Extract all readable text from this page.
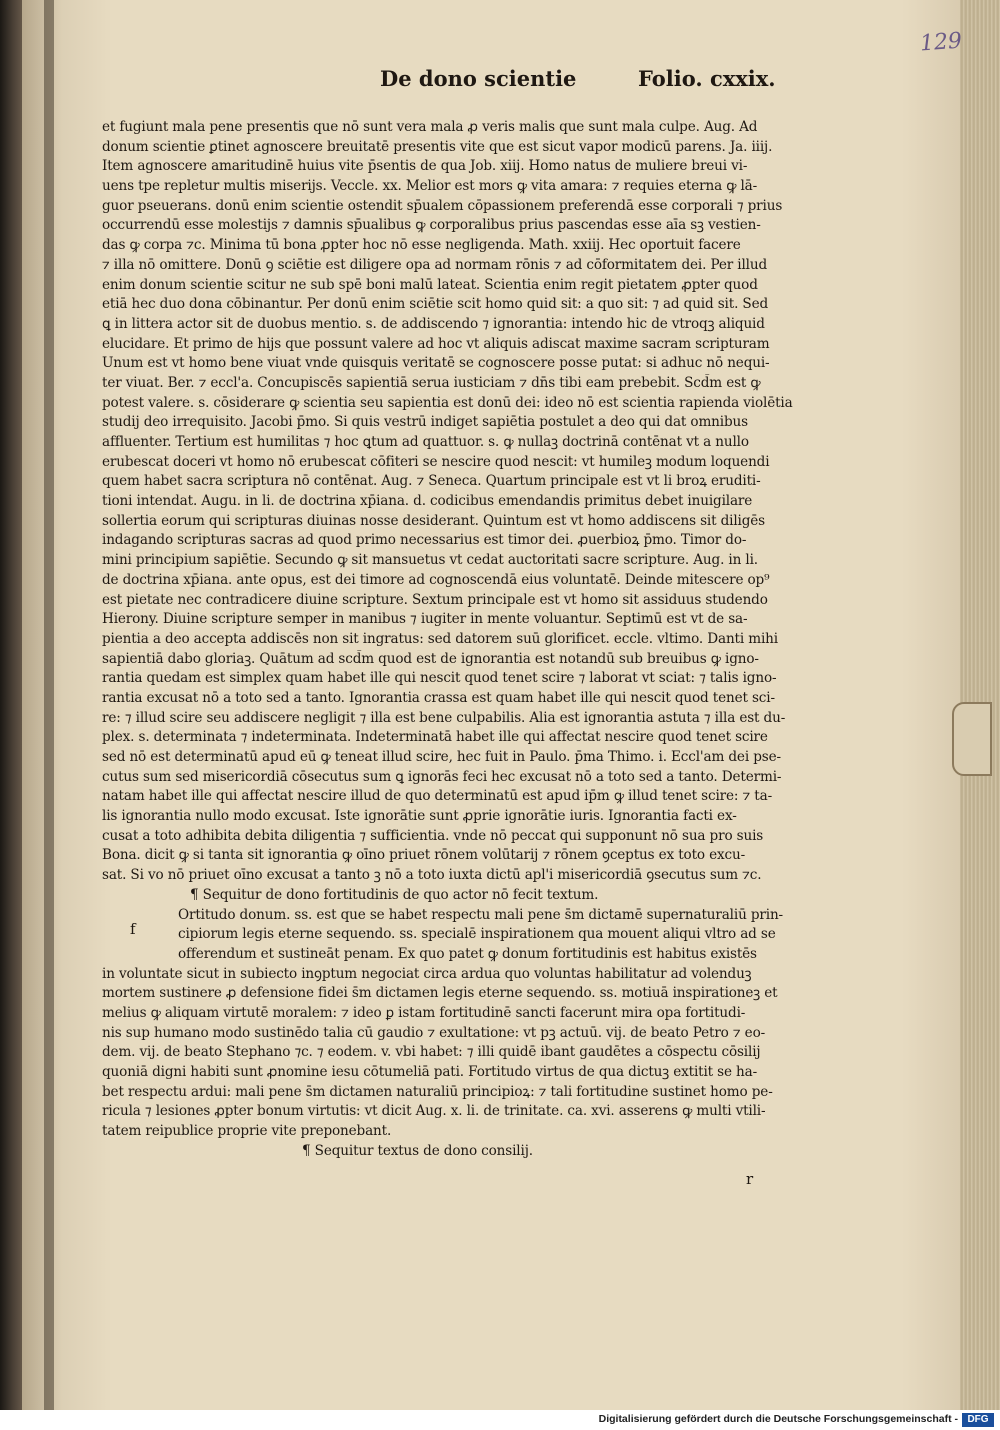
129
De dono scientie	Folio. cxxix.
et fugiunt mala pene presentis que nō sunt vera mala ꝓ veris malis que sunt mala culpe. Aug. Ad
donum scientie ꝑtinet agnoscere breuitatē presentis vite que est sicut vapor modicū parens. Ja. iiij.
Item agnoscere amaritudinē huius vite p̄sentis de qua Job. xiij. Homo natus de muliere breui vi-
uens tpe repletur multis miserijs. Veccle. xx. Melior est mors ꝙ vita amara: ⁊ requies eterna ꝙ lā-
guor pseuerans. donū enim scientie ostendit sp̄ualem cōpassionem preferendā esse corporali ⁊ prius
occurrendū esse molestijs ⁊ damnis sp̄ualibus ꝙ corporalibus prius pascendas esse aīa sꝫ vestien-
das ꝙ corpa ⁊c. Minima tū bona ꝓpter hoc nō esse negligenda. Math. xxiij. Hec oportuit facere
⁊ illa nō omittere. Donū ꝯ sciētie est diligere opa ad normam rōnis ⁊ ad cōformitatem dei. Per illud
enim donum scientie scitur ne sub spē boni malū lateat. Scientia enim regit pietatem ꝓpter quod
etiā hec duo dona cōbinantur. Per donū enim sciētie scit homo quid sit: a quo sit: ⁊ ad quid sit. Sed
ꝗ in littera actor sit de duobus mentio. s. de addiscendo ⁊ ignorantia: intendo hic de vtroqꝫ aliquid
elucidare. Et primo de hijs que possunt valere ad hoc vt aliquis adiscat maxime sacram scripturam
Unum est vt homo bene viuat vnde quisquis veritatē se cognoscere posse putat: si adhuc nō nequi-
ter viuat. Ber. ⁊ eccl'a. Concupiscēs sapientiā serua iusticiam ⁊ dn̄s tibi eam prebebit. Scd̄m est ꝙ
potest valere. s. cōsiderare ꝙ scientia seu sapientia est donū dei: ideo nō est scientia rapienda violētia
studij deo irrequisito. Jacobi p̄mo. Si quis vestrū indiget sapiētia postulet a deo qui dat omnibus
affluenter. Tertium est humilitas ⁊ hoc ꝗtum ad quattuor. s. ꝙ nullaꝫ doctrinā contēnat vt a nullo
erubescat doceri vt homo nō erubescat cōfiteri se nescire quod nescit: vt humileꝫ modum loquendi
quem habet sacra scriptura nō contēnat. Aug. ⁊ Seneca. Quartum principale est vt li broꝝ eruditi-
tioni intendat. Augu. in li. de doctrina xp̄iana. d. codicibus emendandis primitus debet inuigilare
sollertia eorum qui scripturas diuinas nosse desiderant. Quintum est vt homo addiscens sit diligēs
indagando scripturas sacras ad quod primo necessarius est timor dei. ꝓuerbioꝝ p̄mo. Timor do-
mini principium sapiētie. Secundo ꝙ sit mansuetus vt cedat auctoritati sacre scripture. Aug. in li.
de doctrina xp̄iana. ante opus, est dei timore ad cognoscendā eius voluntatē. Deinde mitescere op⁹
est pietate nec contradicere diuine scripture. Sextum principale est vt homo sit assiduus studendo
Hierony. Diuine scripture semper in manibus ⁊ iugiter in mente voluantur. Septimū est vt de sa-
pientia a deo accepta addiscēs non sit ingratus: sed datorem suū glorificet. eccle. vltimo. Danti mihi
sapientiā dabo gloriaꝫ. Quātum ad scd̄m quod est de ignorantia est notandū sub breuibus ꝙ igno-
rantia quedam est simplex quam habet ille qui nescit quod tenet scire ⁊ laborat vt sciat: ⁊ talis igno-
rantia excusat nō a toto sed a tanto. Ignorantia crassa est quam habet ille qui nescit quod tenet sci-
re: ⁊ illud scire seu addiscere negligit ⁊ illa est bene culpabilis. Alia est ignorantia astuta ⁊ illa est du-
plex. s. determinata ⁊ indeterminata. Indeterminatā habet ille qui affectat nescire quod tenet scire
sed nō est determinatū apud eū ꝙ teneat illud scire, hec fuit in Paulo. p̄ma Thimo. i. Eccl'am dei pse-
cutus sum sed misericordiā cōsecutus sum ꝗ ignorās feci hec excusat nō a toto sed a tanto. Determi-
natam habet ille qui affectat nescire illud de quo determinatū est apud ip̄m ꝙ illud tenet scire: ⁊ ta-
lis ignorantia nullo modo excusat. Iste ignorātie sunt ꝓprie ignorātie iuris. Ignorantia facti ex-
cusat a toto adhibita debita diligentia ⁊ sufficientia. vnde nō peccat qui supponunt nō sua pro suis
Bona. dicit ꝙ si tanta sit ignorantia ꝙ oīno priuet rōnem volūtarij ⁊ rōnem ꝯceptus ex toto excu-
sat. Si vo nō priuet oīno excusat a tanto ꝫ nō a toto iuxta dictū apl'i misericordiā ꝯsecutus sum ⁊c.
¶ Sequitur de dono fortitudinis de quo actor nō fecit textum.
Ortitudo donum. ss. est que se habet respectu mali pene s̄m dictamē supernaturaliū prin-
cipiorum legis eterne sequendo. ss. specialē inspirationem qua mouent aliqui vltro ad se
offerendum et sustineāt penam. Ex quo patet ꝙ donum fortitudinis est habitus existēs
in voluntate sicut in subiecto inꝯptum negociat circa ardua quo voluntas habilitatur ad volenduꝫ
mortem sustinere ꝓ defensione fidei s̄m dictamen legis eterne sequendo. ss. motiuā inspirationeꝫ et
melius ꝙ aliquam virtutē moralem: ⁊ ideo ꝑ istam fortitudinē sancti facerunt mira opa fortitudi-
nis sup humano modo sustinēdo talia cū gaudio ⁊ exultatione: vt pꝫ actuū. vij. de beato Petro ⁊ eo-
dem. vij. de beato Stephano ⁊c. ⁊ eodem. v. vbi habet: ⁊ illi quidē ibant gaudētes a cōspectu cōsilij
quoniā digni habiti sunt ꝓnomine iesu cōtumeliā pati. Fortitudo virtus de qua dictuꝫ extitit se ha-
bet respectu ardui: mali pene s̄m dictamen naturaliū principioꝝ: ⁊ tali fortitudine sustinet homo pe-
ricula ⁊ lesiones ꝓpter bonum virtutis: vt dicit Aug. x. li. de trinitate. ca. xvi. asserens ꝙ multi vtili-
tatem reipublice proprie vite preponebant.
¶ Sequitur textus de dono consilij.
f
r
Digitalisierung gefördert durch die Deutsche Forschungsgemeinschaft - DFG
